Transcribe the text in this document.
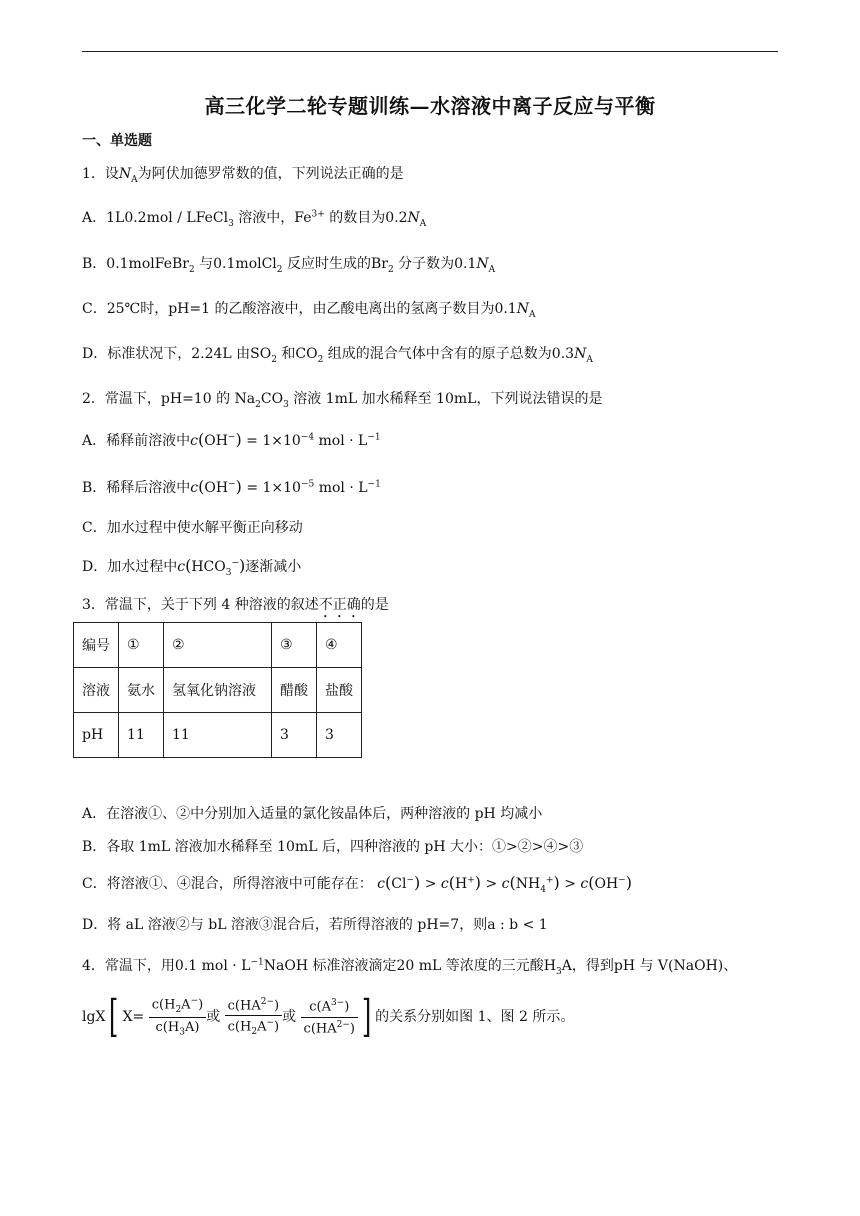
高三化学二轮专题训练—水溶液中离子反应与平衡
一、单选题
1．设$N_A$为阿伏加德罗常数的值，下列说法正确的是
A．1L0.2mol / LFeCl$_3$ 溶液中，$Fe^{3+}$ 的数目为$0.2N_A$
B．0.1molFeBr$_2$ 与0.1molCl$_2$ 反应时生成的$Br_2$ 分子数为$0.1N_A$
C．25℃时，pH=1 的乙酸溶液中，由乙酸电离出的氢离子数目为$0.1N_A$
D．标准状况下，2.24L 由$SO_2$ 和$CO_2$ 组成的混合气体中含有的原子总数为$0.3N_A$
2．常温下，pH=10 的 $Na_2CO_3$ 溶液 1mL 加水稀释至 10mL，下列说法错误的是
A．稀释前溶液中$c(OH^-) = 1\times 10^{-4}$ mol · $L^{-1}$
B．稀释后溶液中$c(OH^-) = 1\times 10^{-5}$ mol · $L^{-1}$
C．加水过程中使水解平衡正向移动
D．加水过程中$c(HCO_3^-)$逐渐减小
3．常温下，关于下列 4 种溶液的叙述不正确的是
编号	①	②	③	④
溶液	氨水	氢氧化钠溶液	醋酸	盐酸
pH	11	11	3	3
A．在溶液①、②中分别加入适量的氯化铵晶体后，两种溶液的 pH 均减小
B．各取 1mL 溶液加水稀释至 10mL 后，四种溶液的 pH 大小：①>②>④>③
C．将溶液①、④混合，所得溶液中可能存在： $c(Cl^-) > c(H^+) > c(NH_4^+) > c(OH^-)$
D．将 aL 溶液②与 bL 溶液③混合后，若所得溶液的 pH=7，则a : b < 1
4．常温下，用0.1 mol · $L^{-1}NaOH$ 标准溶液滴定20 mL 等浓度的三元酸$H_3A$，得到pH 与 V(NaOH)、
lgX[ $X= \frac{c(H_2A^-)}{c(H_3A)}$ 或 $\frac{c(HA^{2-})}{c(H_2A^-)}$ 或 $\frac{c(A^{3-})}{c(HA^{2-})}$ ] 的关系分别如图 1、图 2 所示。
